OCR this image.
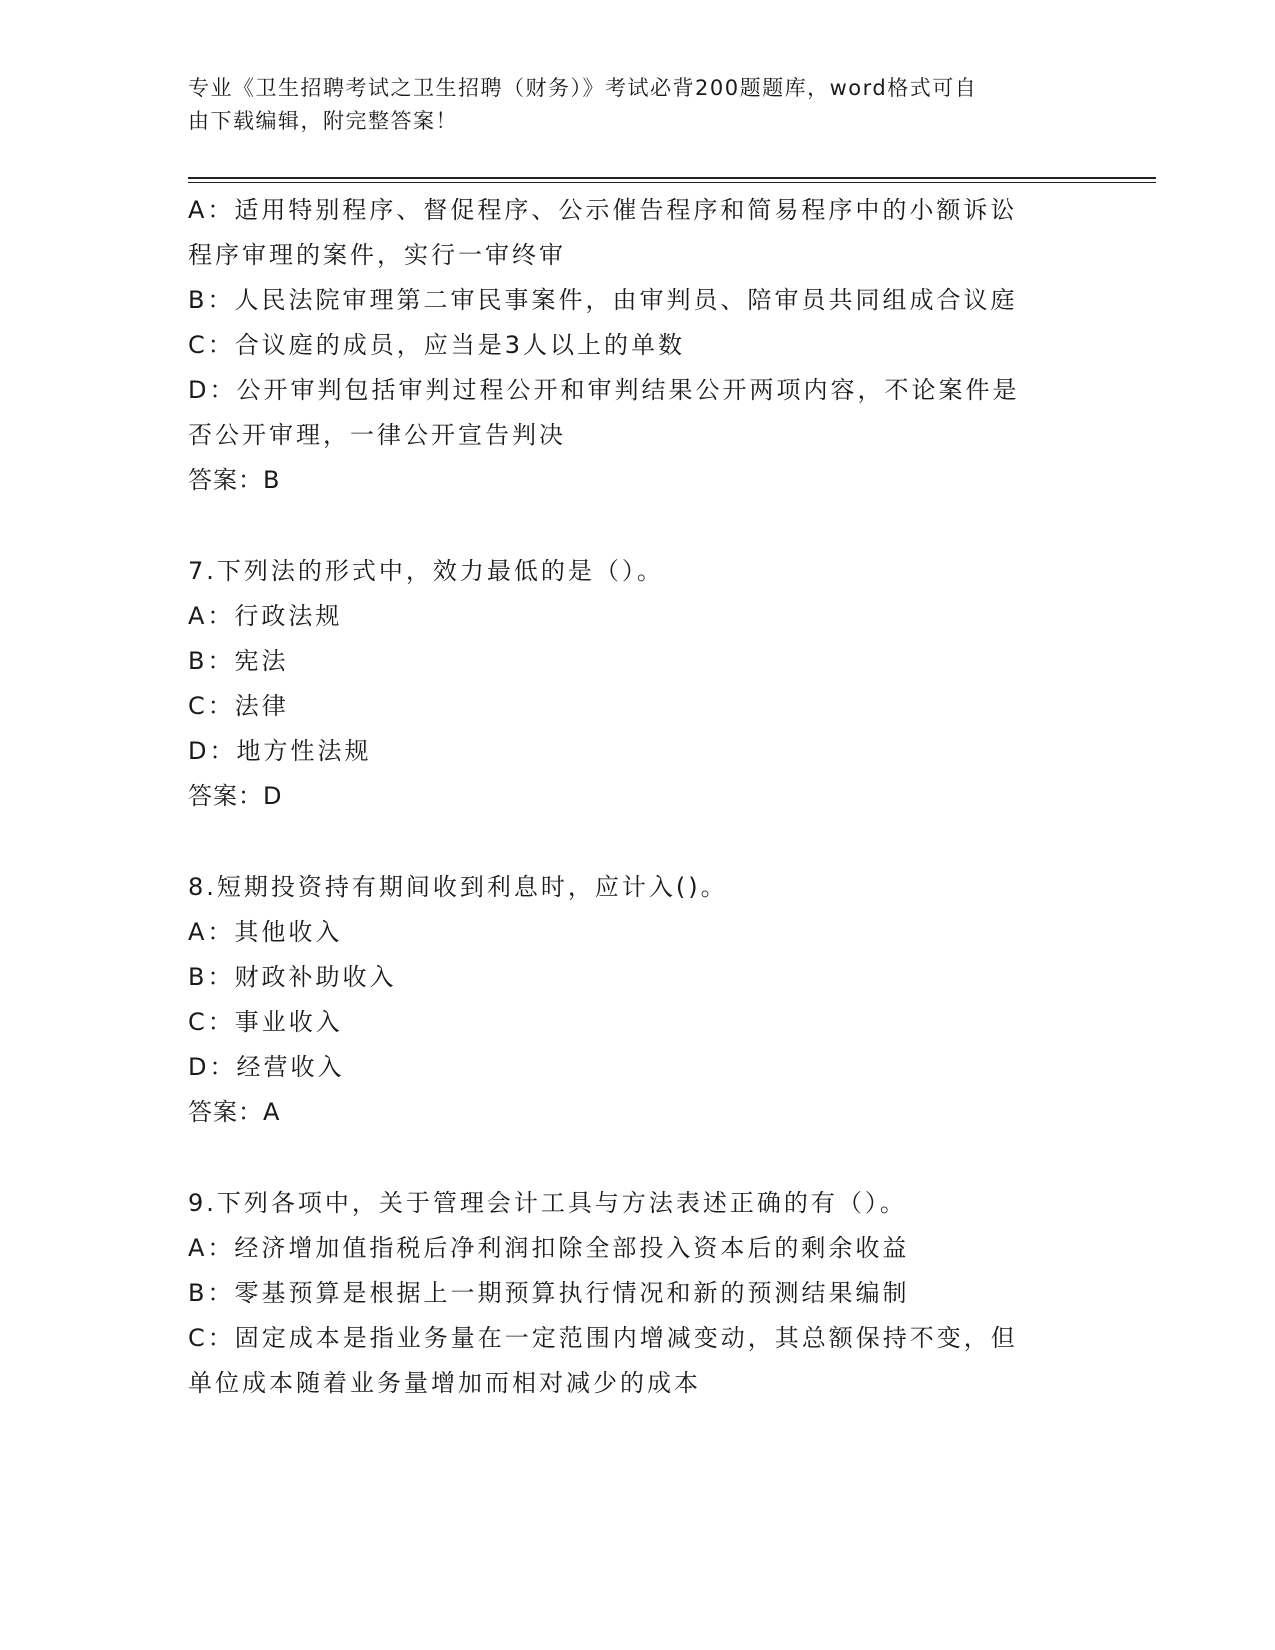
专业《卫生招聘考试之卫生招聘（财务）》考试必背200题题库，word格式可自
由下载编辑，附完整答案！
A：适用特别程序、督促程序、公示催告程序和简易程序中的小额诉讼
程序审理的案件，实行一审终审
B：人民法院审理第二审民事案件，由审判员、陪审员共同组成合议庭
C：合议庭的成员，应当是3人以上的单数
D：公开审判包括审判过程公开和审判结果公开两项内容，不论案件是
否公开审理，一律公开宣告判决
答案：B
7.下列法的形式中，效力最低的是（）。
A：行政法规
B：宪法
C：法律
D：地方性法规
答案：D
8.短期投资持有期间收到利息时，应计入()。
A：其他收入
B：财政补助收入
C：事业收入
D：经营收入
答案：A
9.下列各项中，关于管理会计工具与方法表述正确的有（）。
A：经济增加值指税后净利润扣除全部投入资本后的剩余收益
B：零基预算是根据上一期预算执行情况和新的预测结果编制
C：固定成本是指业务量在一定范围内增减变动，其总额保持不变，但
单位成本随着业务量增加而相对减少的成本
